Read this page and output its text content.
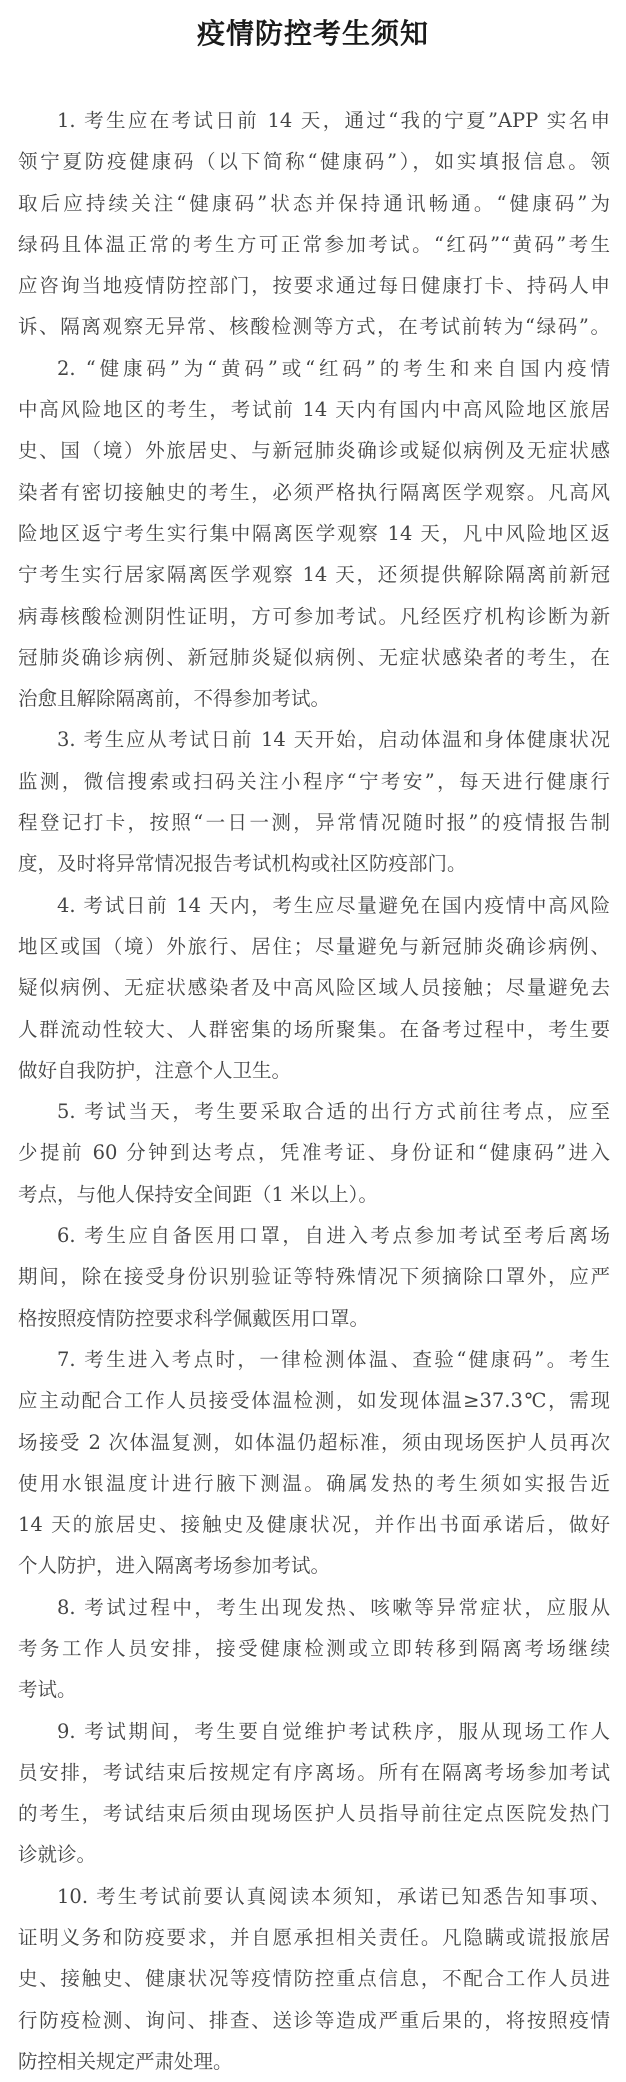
疫情防控考生须知
1. 考生应在考试日前 14 天，通过“我的宁夏”APP 实名申
领宁夏防疫健康码（以下简称“健康码”），如实填报信息。领
取后应持续关注“健康码”状态并保持通讯畅通。“健康码”为
绿码且体温正常的考生方可正常参加考试。“红码”“黄码”考生
应咨询当地疫情防控部门，按要求通过每日健康打卡、持码人申
诉、隔离观察无异常、核酸检测等方式，在考试前转为“绿码”。
2. “健康码”为“黄码”或“红码”的考生和来自国内疫情
中高风险地区的考生，考试前 14 天内有国内中高风险地区旅居
史、国（境）外旅居史、与新冠肺炎确诊或疑似病例及无症状感
染者有密切接触史的考生，必须严格执行隔离医学观察。凡高风
险地区返宁考生实行集中隔离医学观察 14 天，凡中风险地区返
宁考生实行居家隔离医学观察 14 天，还须提供解除隔离前新冠
病毒核酸检测阴性证明，方可参加考试。凡经医疗机构诊断为新
冠肺炎确诊病例、新冠肺炎疑似病例、无症状感染者的考生，在
治愈且解除隔离前，不得参加考试。
3. 考生应从考试日前 14 天开始，启动体温和身体健康状况
监测，微信搜索或扫码关注小程序“宁考安”，每天进行健康行
程登记打卡，按照“一日一测，异常情况随时报”的疫情报告制
度，及时将异常情况报告考试机构或社区防疫部门。
4. 考试日前 14 天内，考生应尽量避免在国内疫情中高风险
地区或国（境）外旅行、居住；尽量避免与新冠肺炎确诊病例、
疑似病例、无症状感染者及中高风险区域人员接触；尽量避免去
人群流动性较大、人群密集的场所聚集。在备考过程中，考生要
做好自我防护，注意个人卫生。
5. 考试当天，考生要采取合适的出行方式前往考点，应至
少提前 60 分钟到达考点，凭准考证、身份证和“健康码”进入
考点，与他人保持安全间距（1 米以上）。
6. 考生应自备医用口罩，自进入考点参加考试至考后离场
期间，除在接受身份识别验证等特殊情况下须摘除口罩外，应严
格按照疫情防控要求科学佩戴医用口罩。
7. 考生进入考点时，一律检测体温、查验“健康码”。考生
应主动配合工作人员接受体温检测，如发现体温≥37.3℃，需现
场接受 2 次体温复测，如体温仍超标准，须由现场医护人员再次
使用水银温度计进行腋下测温。确属发热的考生须如实报告近
14 天的旅居史、接触史及健康状况，并作出书面承诺后，做好
个人防护，进入隔离考场参加考试。
8. 考试过程中，考生出现发热、咳嗽等异常症状，应服从
考务工作人员安排，接受健康检测或立即转移到隔离考场继续
考试。
9. 考试期间，考生要自觉维护考试秩序，服从现场工作人
员安排，考试结束后按规定有序离场。所有在隔离考场参加考试
的考生，考试结束后须由现场医护人员指导前往定点医院发热门
诊就诊。
10. 考生考试前要认真阅读本须知，承诺已知悉告知事项、
证明义务和防疫要求，并自愿承担相关责任。凡隐瞒或谎报旅居
史、接触史、健康状况等疫情防控重点信息，不配合工作人员进
行防疫检测、询问、排查、送诊等造成严重后果的，将按照疫情
防控相关规定严肃处理。
